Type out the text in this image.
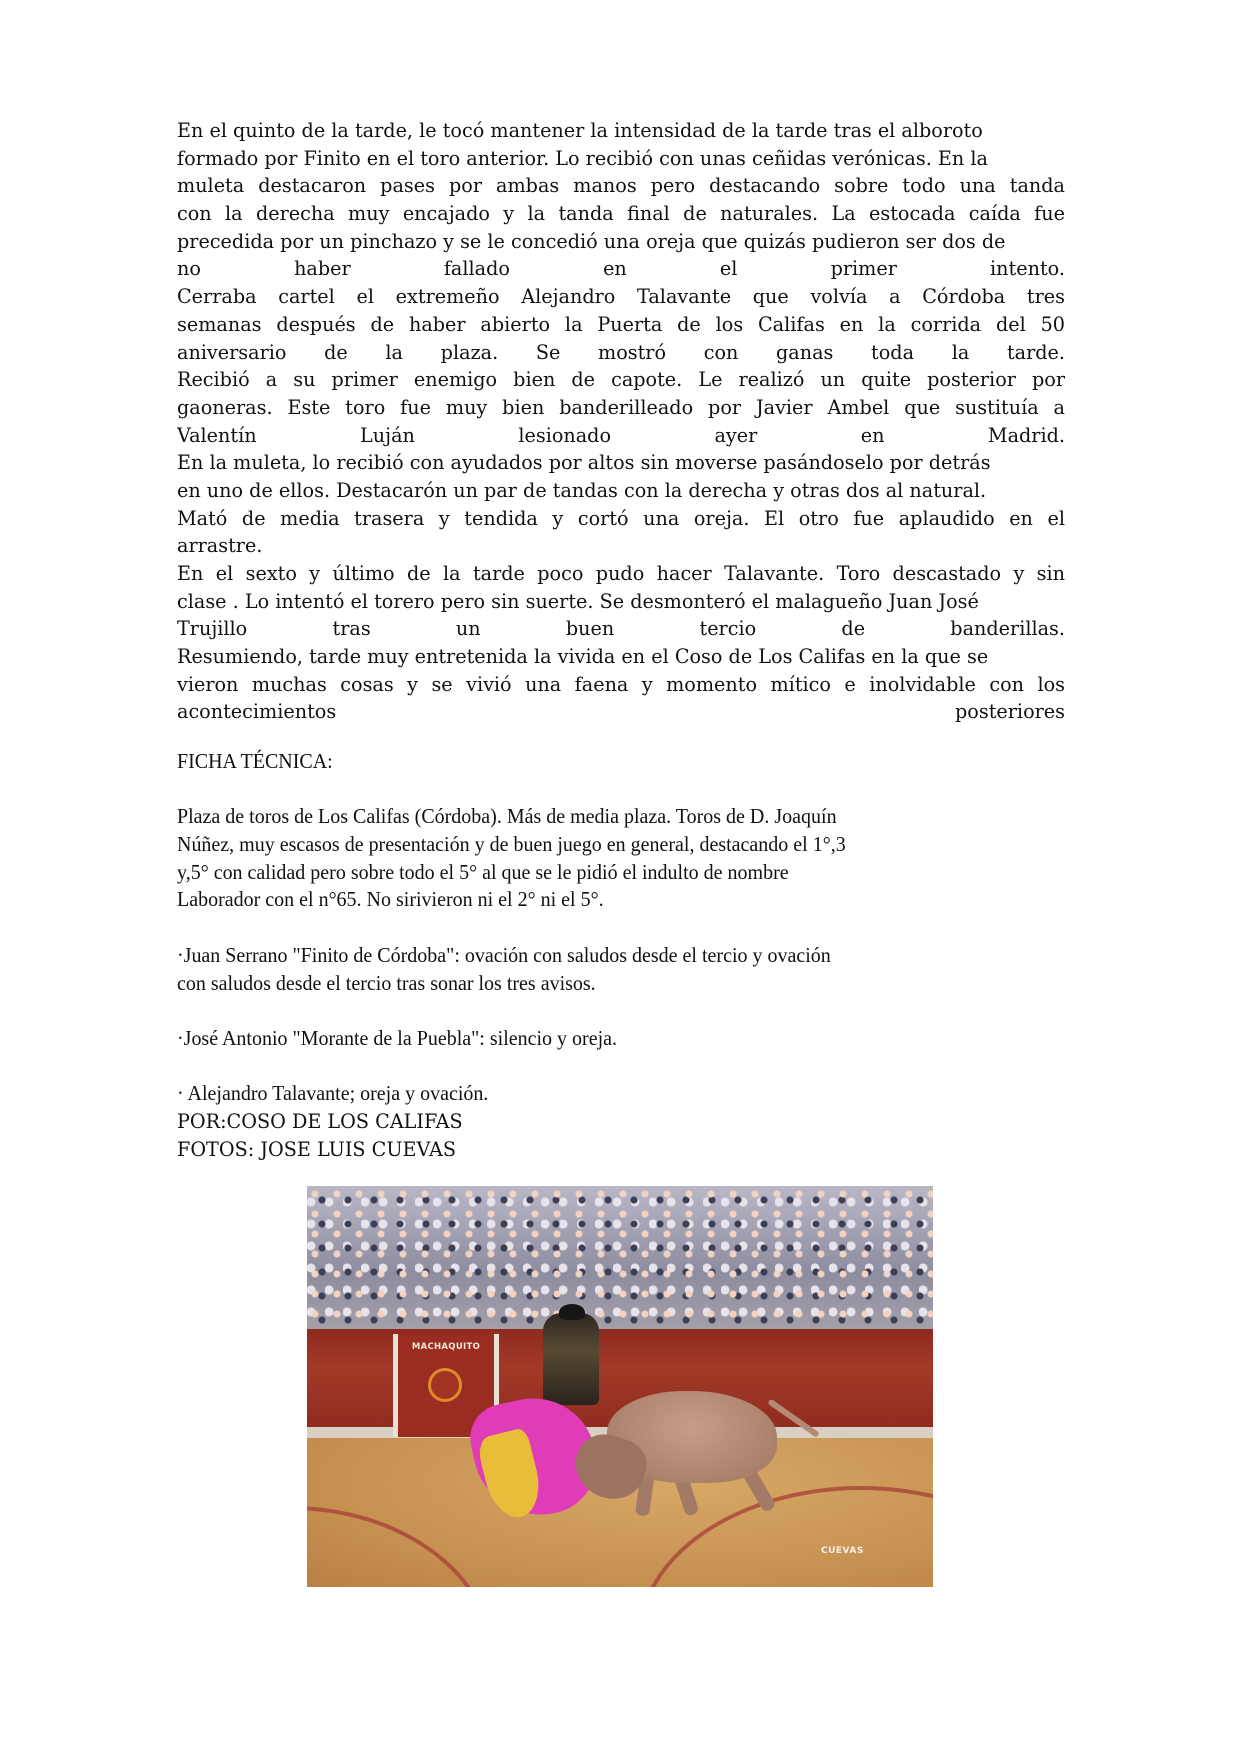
En el quinto de la tarde, le tocó mantener la intensidad de la tarde tras el alboroto
formado por Finito en el toro anterior. Lo recibió con unas ceñidas verónicas. En la
muleta destacaron pases por ambas manos pero destacando sobre todo una tanda
con la derecha muy encajado y la tanda final de naturales. La estocada caída fue
precedida por un pinchazo y se le concedió una oreja que quizás pudieron ser dos de
no haber fallado en el primer intento.
Cerraba cartel el extremeño Alejandro Talavante que volvía a Córdoba tres
semanas después de haber abierto la Puerta de los Califas en la corrida del 50
aniversario de la plaza. Se mostró con ganas toda la tarde.
Recibió a su primer enemigo bien de capote. Le realizó un quite posterior por
gaoneras. Este toro fue muy bien banderilleado por Javier Ambel que sustituía a
Valentín Luján lesionado ayer en Madrid.
En la muleta, lo recibió con ayudados por altos sin moverse pasándoselo por detrás
en uno de ellos. Destacarón un par de tandas con la derecha y otras dos al natural.
Mató de media trasera y tendida y cortó una oreja. El otro fue aplaudido en el
arrastre.
En el sexto y último de la tarde poco pudo hacer Talavante. Toro descastado y sin
clase . Lo intentó el torero pero sin suerte. Se desmonteró el malagueño Juan José
Trujillo tras un buen tercio de banderillas.
Resumiendo, tarde muy entretenida la vivida en el Coso de Los Califas en la que se
vieron muchas cosas y se vivió una faena y momento mítico e inolvidable con los
acontecimientos posteriores
FICHA TÉCNICA:
Plaza de toros de Los Califas (Córdoba). Más de media plaza. Toros de D. Joaquín
Núñez, muy escasos de presentación y de buen juego en general, destacando el 1°,3
y,5° con calidad pero sobre todo el 5° al que se le pidió el indulto de nombre
Laborador con el n°65. No sirivieron ni el 2° ni el 5°.
·Juan Serrano "Finito de Córdoba": ovación con saludos desde el tercio y ovación
con saludos desde el tercio tras sonar los tres avisos.
·José Antonio "Morante de la Puebla": silencio y oreja.
· Alejandro Talavante; oreja y ovación.
POR:COSO DE LOS CALIFAS
FOTOS: JOSE LUIS CUEVAS
MACHAQUITO
CUEVAS
